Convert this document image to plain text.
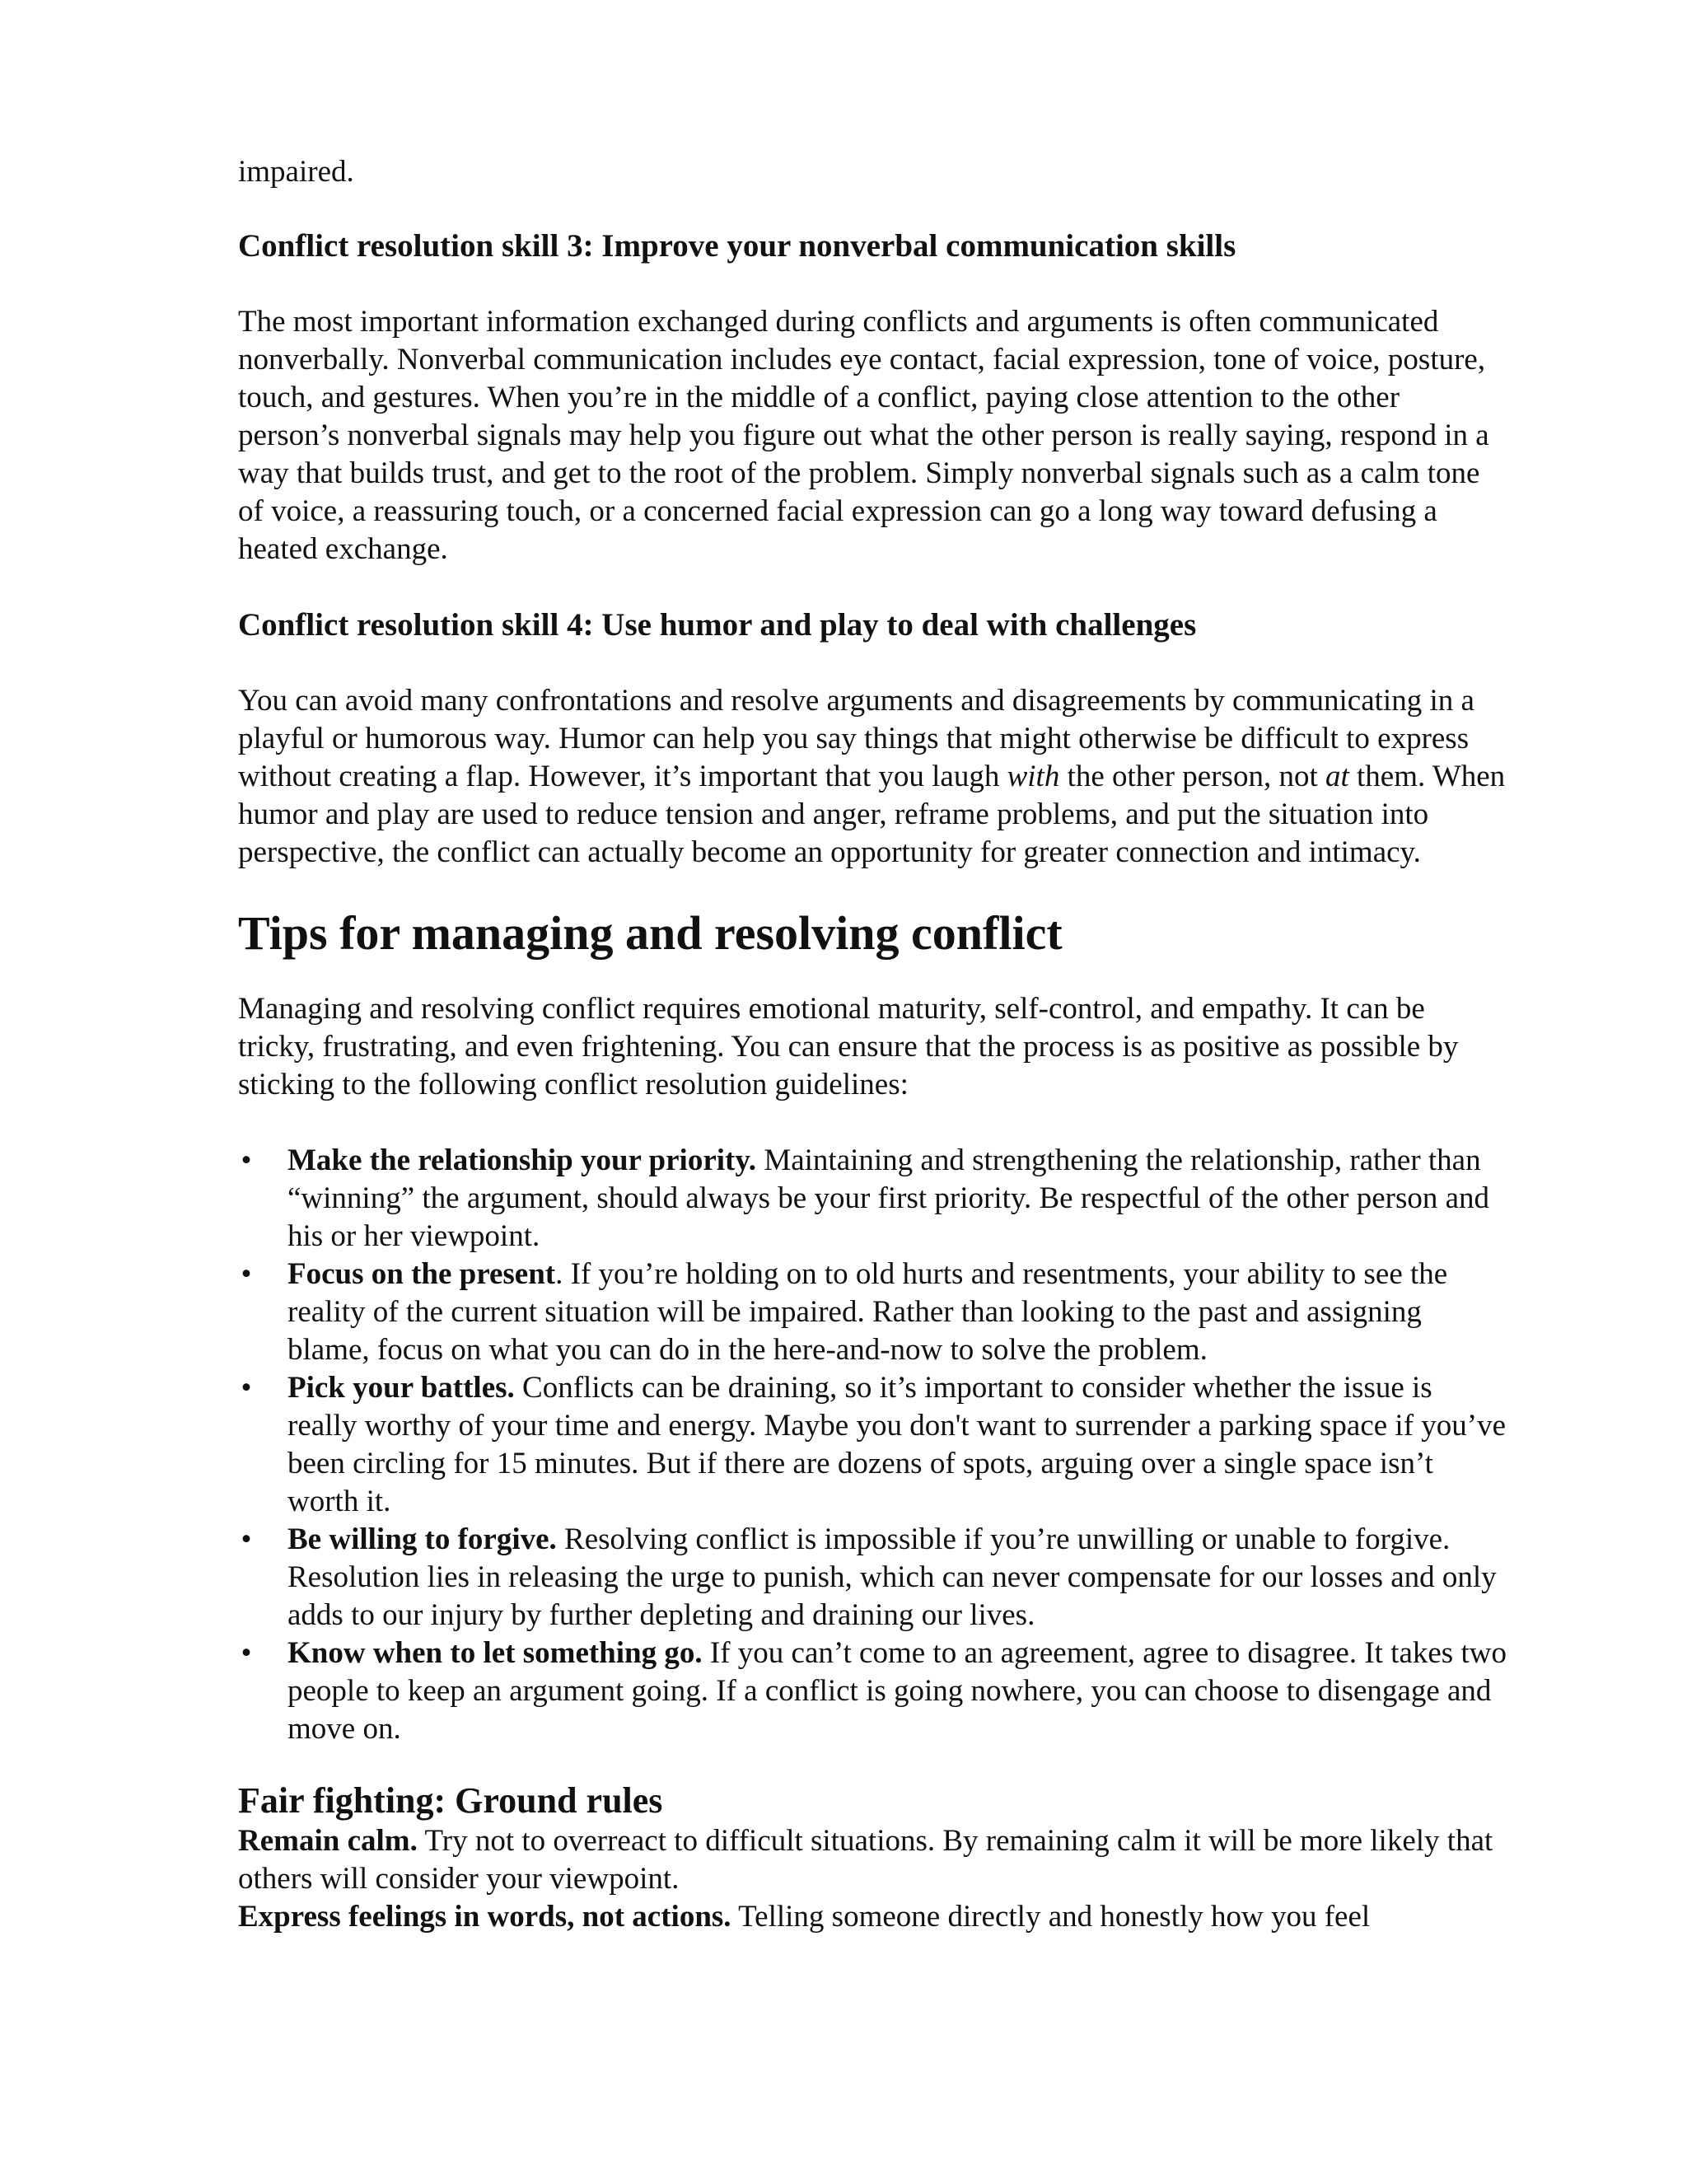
impaired.

Conflict resolution skill 3: Improve your nonverbal communication skills

The most important information exchanged during conflicts and arguments is often communicated nonverbally. Nonverbal communication includes eye contact, facial expression, tone of voice, posture, touch, and gestures. When you’re in the middle of a conflict, paying close attention to the other person’s nonverbal signals may help you figure out what the other person is really saying, respond in a way that builds trust, and get to the root of the problem. Simply nonverbal signals such as a calm tone of voice, a reassuring touch, or a concerned facial expression can go a long way toward defusing a heated exchange.

Conflict resolution skill 4: Use humor and play to deal with challenges

You can avoid many confrontations and resolve arguments and disagreements by communicating in a playful or humorous way. Humor can help you say things that might otherwise be difficult to express without creating a flap. However, it’s important that you laugh with the other person, not at them. When humor and play are used to reduce tension and anger, reframe problems, and put the situation into perspective, the conflict can actually become an opportunity for greater connection and intimacy.

Tips for managing and resolving conflict

Managing and resolving conflict requires emotional maturity, self-control, and empathy. It can be tricky, frustrating, and even frightening. You can ensure that the process is as positive as possible by sticking to the following conflict resolution guidelines:

• Make the relationship your priority. Maintaining and strengthening the relationship, rather than “winning” the argument, should always be your first priority. Be respectful of the other person and his or her viewpoint.
• Focus on the present. If you’re holding on to old hurts and resentments, your ability to see the reality of the current situation will be impaired. Rather than looking to the past and assigning blame, focus on what you can do in the here-and-now to solve the problem.
• Pick your battles. Conflicts can be draining, so it’s important to consider whether the issue is really worthy of your time and energy. Maybe you don't want to surrender a parking space if you’ve been circling for 15 minutes. But if there are dozens of spots, arguing over a single space isn’t worth it.
• Be willing to forgive. Resolving conflict is impossible if you’re unwilling or unable to forgive. Resolution lies in releasing the urge to punish, which can never compensate for our losses and only adds to our injury by further depleting and draining our lives.
• Know when to let something go. If you can’t come to an agreement, agree to disagree. It takes two people to keep an argument going. If a conflict is going nowhere, you can choose to disengage and move on.

Fair fighting: Ground rules

Remain calm. Try not to overreact to difficult situations. By remaining calm it will be more likely that others will consider your viewpoint.

Express feelings in words, not actions. Telling someone directly and honestly how you feel
